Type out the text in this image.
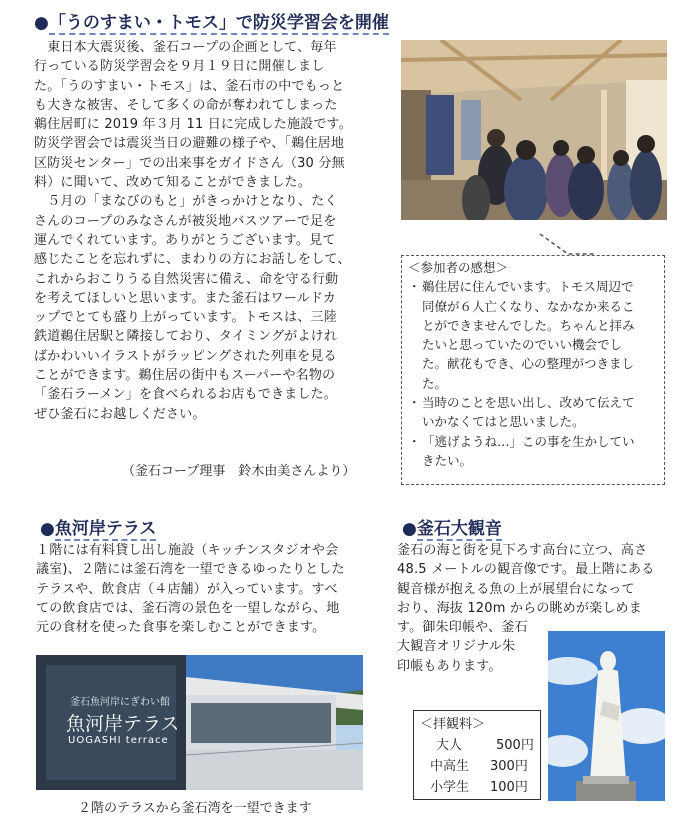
●「うのすまい・トモス」で防災学習会を開催
　東日本大震災後、釜石コープの企画として、毎年
行っている防災学習会を９月１９日に開催しまし
た。「うのすまい・トモス」は、釜石市の中でもっと
も大きな被害、そして多くの命が奪われてしまった
鵜住居町に 2019 年３月 11 日に完成した施設です。
防災学習会では震災当日の避難の様子や、「鵜住居地
区防災センター」での出来事をガイドさん（30 分無
料）に聞いて、改めて知ることができました。
　５月の「まなびのもと」がきっかけとなり、たく
さんのコープのみなさんが被災地バスツアーで足を
運んでくれています。ありがとうございます。見て
感じたことを忘れずに、まわりの方にお話しをして、
これからおこりうる自然災害に備え、命を守る行動
を考えてほしいと思います。また釜石はワールドカ
ップでとても盛り上がっています。トモスは、三陸
鉄道鵜住居駅と隣接しており、タイミングがよけれ
ばかわいいイラストがラッピングされた列車を見る
ことができます。鵜住居の街中もスーパーや名物の
「釜石ラーメン」を食べられるお店もできました。
ぜひ釜石にお越しください。
（釜石コープ理事　鈴木由美さんより）
＜参加者の感想＞
・ 鵜住居に住んでいます。トモス周辺で
同僚が６人亡くなり、なかなか来るこ
とができませんでした。ちゃんと拝み
たいと思っていたのでいい機会でし
た。献花もでき、心の整理がつきまし
た。
・ 当時のことを思い出し、改めて伝えて
いかなくてはと思いました。
・ 「逃げようね…」この事を生かしてい
きたい。
●魚河岸テラス
１階には有料貸し出し施設（キッチンスタジオや会
議室)、２階には釜石湾を一望できるゆったりとした
テラスや、飲食店（４店舗）が入っています。すべ
ての飲食店では、釜石湾の景色を一望しながら、地
元の食材を使った食事を楽しむことができます。
釜石魚河岸にぎわい館
魚河岸テラス
UOGASHI terrace
２階のテラスから釜石湾を一望できます
●釜石大観音
釜石の海と街を見下ろす高台に立つ、高さ
48.5 メートルの観音像です。最上階にある
観音様が抱える魚の上が展望台になって
おり、海抜 120m からの眺めが楽しめま
す。御朱印帳や、釜石
大観音オリジナル朱
印帳もあります。
＜拝観料＞
大人	500円
中高生	300円
小学生	100円
